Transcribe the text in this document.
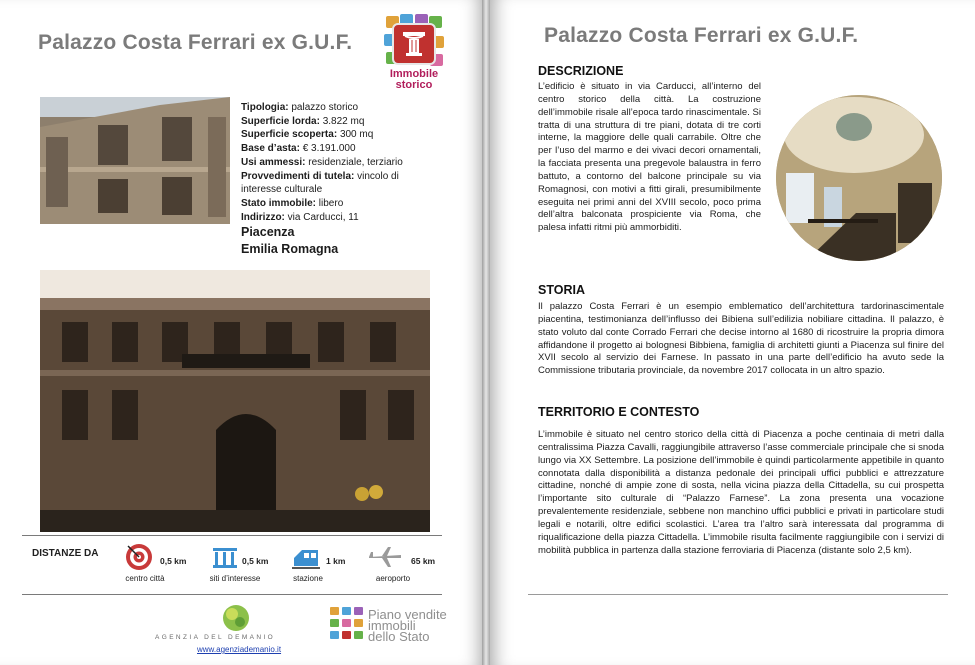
Palazzo Costa Ferrari ex G.U.F.
Immobile
storico
Tipologia: palazzo storico
Superficie lorda: 3.822 mq
Superficie scoperta: 300 mq
Base d’asta: € 3.191.000
Usi ammessi: residenziale, terziario
Provvedimenti di tutela: vincolo di interesse culturale
Stato immobile: libero
Indirizzo: via Carducci, 11
Piacenza
Emilia Romagna
DISTANZE DA
0,5 km
centro città
0,5 km
siti d’interesse
1 km
stazione
65 km
aeroporto
AGENZIA DEL DEMANIO
www.agenziademanio.it
Piano vendite
immobili
dello Stato
Palazzo Costa Ferrari ex G.U.F.
DESCRIZIONE
L’edificio è situato in via Carducci, all’interno del centro storico della città. La costruzione dell’immobile risale all’epoca tardo rinascimentale. Si tratta di una struttura di tre piani, dotata di tre corti interne, la maggiore delle quali carrabile. Oltre che per l’uso del marmo e dei vivaci decori ornamentali, la facciata presenta una pregevole balaustra in ferro battuto, a contorno del balcone principale su via Romagnosi, con motivi a fitti girali, presumibilmente eseguita nei primi anni del XVIII secolo, poco prima dell’altra balconata prospiciente via Roma, che palesa infatti ritmi più ammorbiditi.
STORIA
Il palazzo Costa Ferrari è un esempio emblematico dell’architettura tardorinascimentale piacentina, testimonianza dell’influsso dei Bibiena sull’edilizia nobiliare cittadina. Il palazzo, è stato voluto dal conte Corrado Ferrari che decise intorno al 1680 di ricostruire la propria dimora affidandone il progetto ai bolognesi Bibbiena, famiglia di architetti giunti a Piacenza sul finire del XVII secolo al servizio dei Farnese. In passato in una parte dell’edificio ha avuto sede la Commissione tributaria provinciale, da novembre 2017 collocata in un altro spazio.
TERRITORIO E CONTESTO
L’immobile è situato nel centro storico della città di Piacenza a poche centinaia di metri dalla centralissima Piazza Cavalli, raggiungibile attraverso l’asse commerciale principale che si snoda lungo via XX Settembre. La posizione dell’immobile è quindi particolarmente appetibile in quanto connotata dalla disponibilità a distanza pedonale dei principali uffici pubblici e attrezzature cittadine, nonché di ampie zone di sosta, nella vicina piazza della Cittadella, su cui prospetta l’importante sito culturale di “Palazzo Farnese”. La zona presenta una vocazione prevalentemente residenziale, sebbene non manchino uffici pubblici e privati in particolare studi legali e notarili, oltre edifici scolastici. L’area tra l’altro sarà interessata dal programma di riqualificazione della piazza Cittadella. L’immobile risulta facilmente raggiungibile con i servizi di mobilità pubblica in partenza dalla stazione ferroviaria di Piacenza (distante solo 2,5 km).
